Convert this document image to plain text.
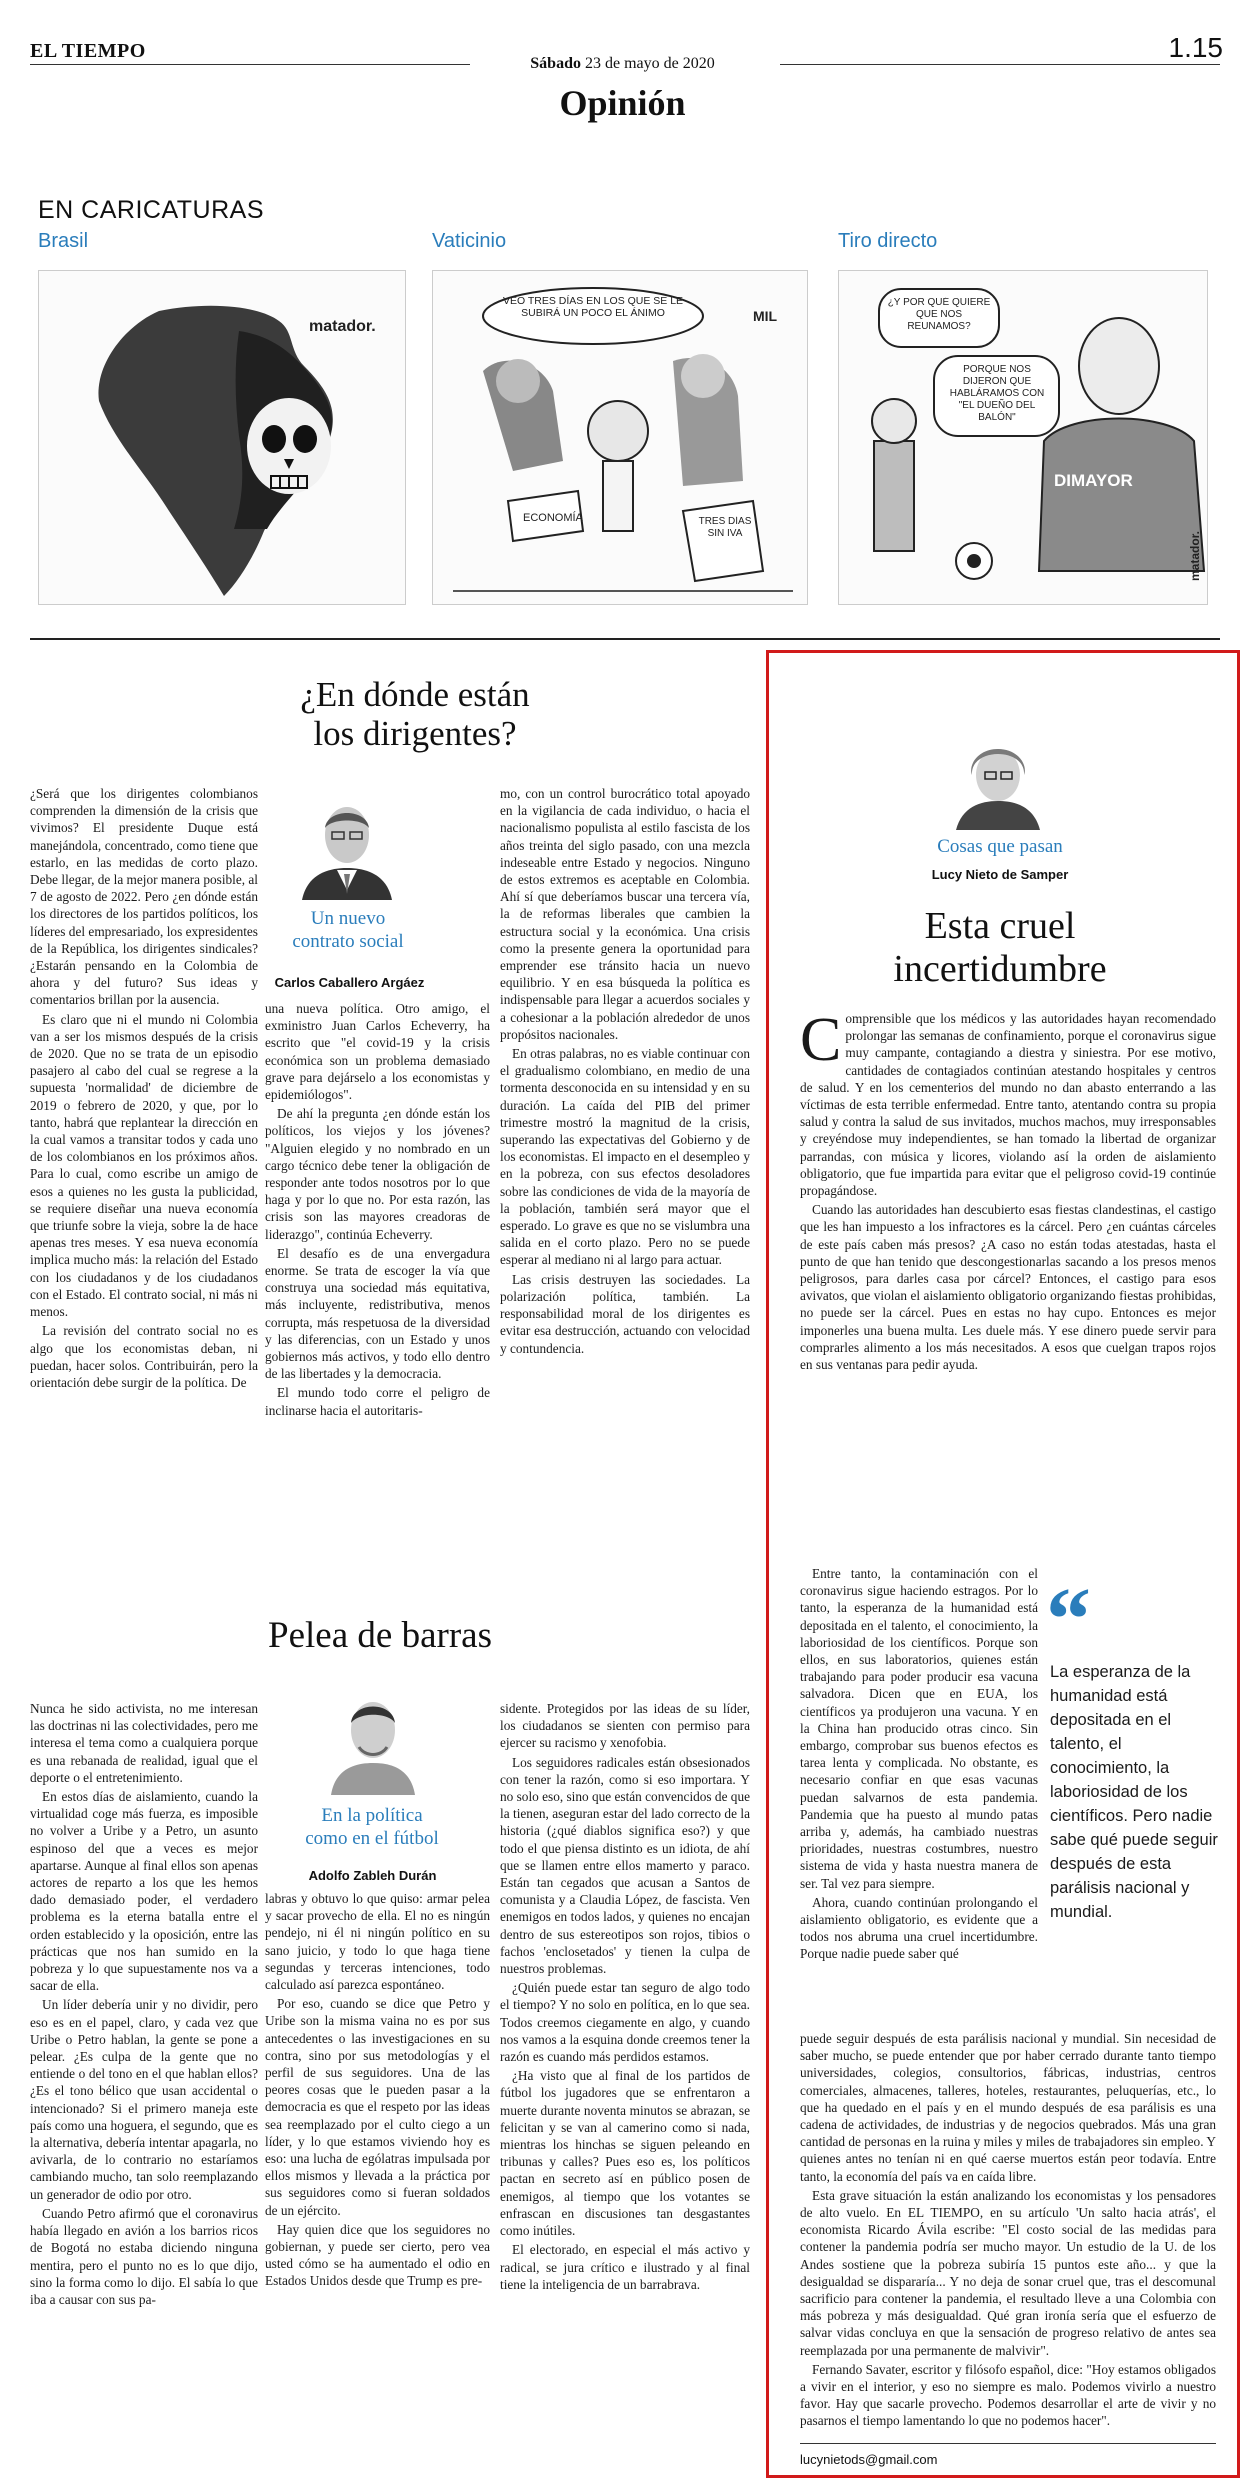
EL TIEMPO
Sábado 23 de mayo de 2020
1.15
Opinión
EN CARICATURAS
Brasil	Vaticinio	Tiro directo
matador.
VEO TRES DÍAS EN LOS QUE SE LE SUBIRÁ UN POCO EL ÁNIMO	MIL
ECONOMÍA	TRES DÍAS SIN IVA
¿Y POR QUÉ QUIERE QUE NOS REUNAMOS?
PORQUE NOS DIJERON QUE HABLÁRAMOS CON "EL DUEÑO DEL BALÓN"
DIMAYOR
matador.
¿En dónde están
los dirigentes?
Un nuevo
contrato social
Carlos Caballero Argáez

¿Será que los dirigentes colombianos comprenden la dimensión de la crisis que vivimos? El presidente Duque está manejándola, concentrado, como tiene que estarlo, en las medidas de corto plazo. Debe llegar, de la mejor manera posible, al 7 de agosto de 2022. Pero ¿en dónde están los directores de los partidos políticos, los líderes del empresariado, los expresidentes de la República, los dirigentes sindicales? ¿Estarán pensando en la Colombia de ahora y del futuro? Sus ideas y comentarios brillan por la ausencia.

Es claro que ni el mundo ni Colombia van a ser los mismos después de la crisis de 2020. Que no se trata de un episodio pasajero al cabo del cual se regrese a la supuesta 'normalidad' de diciembre de 2019 o febrero de 2020, y que, por lo tanto, habrá que replantear la dirección en la cual vamos a transitar todos y cada uno de los colombianos en los próximos años. Para lo cual, como escribe un amigo de esos a quienes no les gusta la publicidad, se requiere diseñar una nueva economía que triunfe sobre la vieja, sobre la de hace apenas tres meses. Y esa nueva economía implica mucho más: la relación del Estado con los ciudadanos y de los ciudadanos con el Estado. El contrato social, ni más ni menos.

La revisión del contrato social no es algo que los economistas deban, ni puedan, hacer solos. Contribuirán, pero la orientación debe surgir de la política. De

una nueva política. Otro amigo, el exministro Juan Carlos Echeverry, ha escrito que "el covid-19 y la crisis económica son un problema demasiado grave para dejárselo a los economistas y epidemiólogos".

De ahí la pregunta ¿en dónde están los políticos, los viejos y los jóvenes? "Alguien elegido y no nombrado en un cargo técnico debe tener la obligación de responder ante todos nosotros por lo que haga y por lo que no. Por esta razón, las crisis son las mayores creadoras de liderazgo", continúa Echeverry.

El desafío es de una envergadura enorme. Se trata de escoger la vía que construya una sociedad más equitativa, más incluyente, redistributiva, menos corrupta, más respetuosa de la diversidad y las diferencias, con un Estado y unos gobiernos más activos, y todo ello dentro de las libertades y la democracia.

El mundo todo corre el peligro de inclinarse hacia el autoritaris-

mo, con un control burocrático total apoyado en la vigilancia de cada individuo, o hacia el nacionalismo populista al estilo fascista de los años treinta del siglo pasado, con una mezcla indeseable entre Estado y negocios. Ninguno de estos extremos es aceptable en Colombia. Ahí sí que deberíamos buscar una tercera vía, la de reformas liberales que cambien la estructura social y la económica. Una crisis como la presente genera la oportunidad para emprender ese tránsito hacia un nuevo equilibrio. Y en esa búsqueda la política es indispensable para llegar a acuerdos sociales y a cohesionar a la población alrededor de unos propósitos nacionales.

En otras palabras, no es viable continuar con el gradualismo colombiano, en medio de una tormenta desconocida en su intensidad y en su duración. La caída del PIB del primer trimestre mostró la magnitud de la crisis, superando las expectativas del Gobierno y de los economistas. El impacto en el desempleo y en la pobreza, con sus efectos desoladores sobre las condiciones de vida de la mayoría de la población, también será mayor que el esperado. Lo grave es que no se vislumbra una salida en el corto plazo. Pero no se puede esperar al mediano ni al largo para actuar.

Las crisis destruyen las sociedades. La polarización política, también. La responsabilidad moral de los dirigentes es evitar esa destrucción, actuando con velocidad y contundencia.

Pelea de barras
En la política
como en el fútbol
Adolfo Zableh Durán

Nunca he sido activista, no me interesan las doctrinas ni las colectividades, pero me interesa el tema como a cualquiera porque es una rebanada de realidad, igual que el deporte o el entretenimiento.

En estos días de aislamiento, cuando la virtualidad coge más fuerza, es imposible no volver a Uribe y a Petro, un asunto espinoso del que a veces es mejor apartarse. Aunque al final ellos son apenas actores de reparto a los que les hemos dado demasiado poder, el verdadero problema es la eterna batalla entre el orden establecido y la oposición, entre las prácticas que nos han sumido en la pobreza y lo que supuestamente nos va a sacar de ella.

Un líder debería unir y no dividir, pero eso es en el papel, claro, y cada vez que Uribe o Petro hablan, la gente se pone a pelear. ¿Es culpa de la gente que no entiende o del tono en el que hablan ellos? ¿Es el tono bélico que usan accidental o intencionado? Si el primero maneja este país como una hoguera, el segundo, que es la alternativa, debería intentar apagarla, no avivarla, de lo contrario no estaríamos cambiando mucho, tan solo reemplazando un generador de odio por otro.

Cuando Petro afirmó que el coronavirus había llegado en avión a los barrios ricos de Bogotá no estaba diciendo ninguna mentira, pero el punto no es lo que dijo, sino la forma como lo dijo. El sabía lo que iba a causar con sus pa-

labras y obtuvo lo que quiso: armar pelea y sacar provecho de ella. El no es ningún pendejo, ni él ni ningún político en su sano juicio, y todo lo que haga tiene segundas y terceras intenciones, todo calculado así parezca espontáneo.

Por eso, cuando se dice que Petro y Uribe son la misma vaina no es por sus antecedentes o las investigaciones en su contra, sino por sus metodologías y el perfil de sus seguidores. Una de las peores cosas que le pueden pasar a la democracia es que el respeto por las ideas sea reemplazado por el culto ciego a un líder, y lo que estamos viviendo hoy es eso: una lucha de ególatras impulsada por ellos mismos y llevada a la práctica por sus seguidores como si fueran soldados de un ejército.

Hay quien dice que los seguidores no gobiernan, y puede ser cierto, pero vea usted cómo se ha aumentado el odio en Estados Unidos desde que Trump es pre-

sidente. Protegidos por las ideas de su líder, los ciudadanos se sienten con permiso para ejercer su racismo y xenofobia.

Los seguidores radicales están obsesionados con tener la razón, como si eso importara. Y no solo eso, sino que están convencidos de que la tienen, aseguran estar del lado correcto de la historia (¿qué diablos significa eso?) y que todo el que piensa distinto es un idiota, de ahí que se llamen entre ellos mamerto y paraco. Están tan cegados que acusan a Santos de comunista y a Claudia López, de fascista. Ven enemigos en todos lados, y quienes no encajan dentro de sus estereotipos son rojos, tibios o fachos 'enclosetados' y tienen la culpa de nuestros problemas.

¿Quién puede estar tan seguro de algo todo el tiempo? Y no solo en política, en lo que sea. Todos creemos ciegamente en algo, y cuando nos vamos a la esquina donde creemos tener la razón es cuando más perdidos estamos.

¿Ha visto que al final de los partidos de fútbol los jugadores que se enfrentaron a muerte durante noventa minutos se abrazan, se felicitan y se van al camerino como si nada, mientras los hinchas se siguen peleando en tribunas y calles? Pues eso es, los políticos pactan en secreto así en público posen de enemigos, al tiempo que los votantes se enfrascan en discusiones tan desgastantes como inútiles.

El electorado, en especial el más activo y radical, se jura crítico e ilustrado y al final tiene la inteligencia de un barrabrava.

Cosas que pasan
Lucy Nieto de Samper
Esta cruel
incertidumbre

Comprensible que los médicos y las autoridades hayan recomendado prolongar las semanas de confinamiento, porque el coronavirus sigue muy campante, contagiando a diestra y siniestra. Por ese motivo, cantidades de contagiados continúan atestando hospitales y centros de salud. Y en los cementerios del mundo no dan abasto enterrando a las víctimas de esta terrible enfermedad. Entre tanto, atentando contra su propia salud y contra la salud de sus invitados, muchos machos, muy irresponsables y creyéndose muy independientes, se han tomado la libertad de organizar parrandas, con música y licores, violando así la orden de aislamiento obligatorio, que fue impartida para evitar que el peligroso covid-19 continúe propagándose.

Cuando las autoridades han descubierto esas fiestas clandestinas, el castigo que les han impuesto a los infractores es la cárcel. Pero ¿en cuántas cárceles de este país caben más presos? ¿A caso no están todas atestadas, hasta el punto de que han tenido que descongestionarlas sacando a los presos menos peligrosos, para darles casa por cárcel? Entonces, el castigo para esos avivatos, que violan el aislamiento obligatorio organizando fiestas prohibidas, no puede ser la cárcel. Pues en estas no hay cupo. Entonces es mejor imponerles una buena multa. Les duele más. Y ese dinero puede servir para comprarles alimento a los más necesitados. A esos que cuelgan trapos rojos en sus ventanas para pedir ayuda.

Entre tanto, la contaminación con el coronavirus sigue haciendo estragos. Por lo tanto, la esperanza de la humanidad está depositada en el talento, el conocimiento, la laboriosidad de los científicos. Porque son ellos, en sus laboratorios, quienes están trabajando para poder producir esa vacuna salvadora. Dicen que en EUA, los científicos ya produjeron una vacuna. Y en la China han producido otras cinco. Sin embargo, comprobar sus buenos efectos es tarea lenta y complicada. No obstante, es necesario confiar en que esas vacunas puedan salvarnos de esta pandemia. Pandemia que ha puesto al mundo patas arriba y, además, ha cambiado nuestras prioridades, nuestras costumbres, nuestro sistema de vida y hasta nuestra manera de ser. Tal vez para siempre.

Ahora, cuando continúan prolongando el aislamiento obligatorio, es evidente que a todos nos abruma una cruel incertidumbre. Porque nadie puede saber qué

“
La esperanza de la humanidad está depositada en el talento, el conocimiento, la laboriosidad de los científicos. Pero nadie sabe qué puede seguir después de esta parálisis nacional y mundial.

puede seguir después de esta parálisis nacional y mundial. Sin necesidad de saber mucho, se puede entender que por haber cerrado durante tanto tiempo universidades, colegios, consultorios, fábricas, industrias, centros comerciales, almacenes, talleres, hoteles, restaurantes, peluquerías, etc., lo que ha quedado en el país y en el mundo después de esa parálisis es una cadena de actividades, de industrias y de negocios quebrados. Más una gran cantidad de personas en la ruina y miles y miles de trabajadores sin empleo. Y quienes antes no tenían ni en qué caerse muertos están peor todavía. Entre tanto, la economía del país va en caída libre.

Esta grave situación la están analizando los economistas y los pensadores de alto vuelo. En EL TIEMPO, en su artículo 'Un salto hacia atrás', el economista Ricardo Ávila escribe: "El costo social de las medidas para contener la pandemia podría ser mucho mayor. Un estudio de la U. de los Andes sostiene que la pobreza subiría 15 puntos este año... y que la desigualdad se dispararía... Y no deja de sonar cruel que, tras el descomunal sacrificio para contener la pandemia, el resultado lleve a una Colombia con más pobreza y más desigualdad. Qué gran ironía sería que el esfuerzo de salvar vidas concluya en que la sensación de progreso relativo de antes sea reemplazada por una permanente de malvivir".

Fernando Savater, escritor y filósofo español, dice: "Hoy estamos obligados a vivir en el interior, y eso no siempre es malo. Podemos vivirlo a nuestro favor. Hay que sacarle provecho. Podemos desarrollar el arte de vivir y no pasarnos el tiempo lamentando lo que no podemos hacer".

lucynietods@gmail.com
